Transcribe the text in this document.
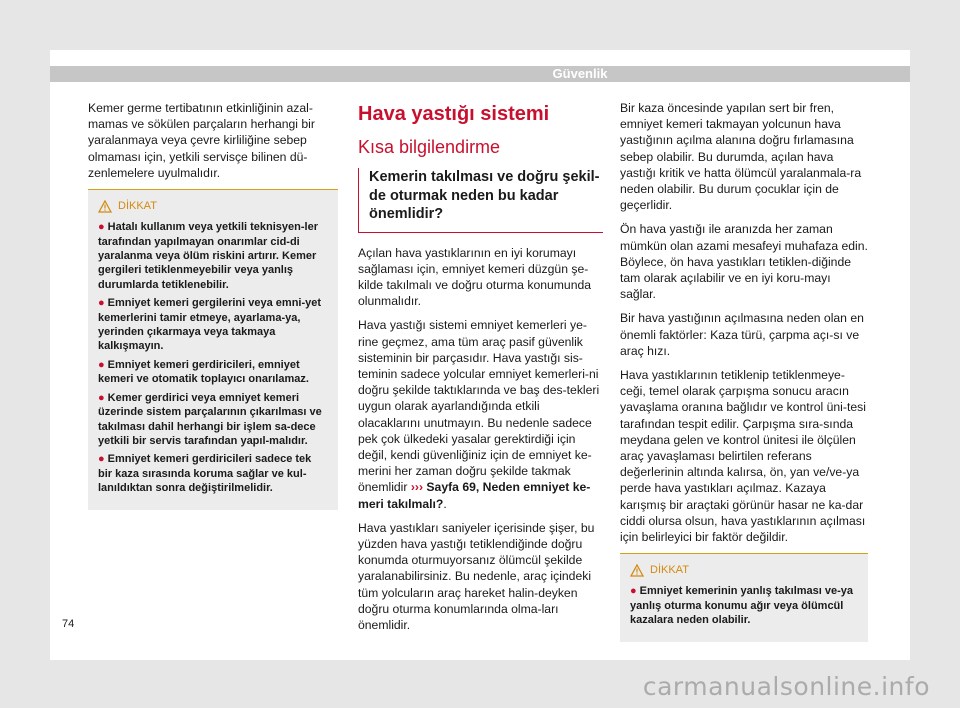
Güvenlik

Kemer germe tertibatının etkinliğinin azal-mamas ve sökülen parçaların herhangi bir yaralanmaya veya çevre kirliliğine sebep olmaması için, yetkili servisçe bilinen dü-zenlemelere uyulmalıdır.

DİKKAT
● Hatalı kullanım veya yetkili teknisyen-ler tarafından yapılmayan onarımlar cid-di yaralanma veya ölüm riskini artırır. Kemer gergileri tetiklenmeyebilir veya yanlış durumlarda tetiklenebilir.
● Emniyet kemeri gergilerini veya emni-yet kemerlerini tamir etmeye, ayarlama-ya, yerinden çıkarmaya veya takmaya kalkışmayın.
● Emniyet kemeri gerdiricileri, emniyet kemeri ve otomatik toplayıcı onarılamaz.
● Kemer gerdirici veya emniyet kemeri üzerinde sistem parçalarının çıkarılması ve takılması dahil herhangi bir işlem sa-dece yetkili bir servis tarafından yapıl-malıdır.
● Emniyet kemeri gerdiricileri sadece tek bir kaza sırasında koruma sağlar ve kul-lanıldıktan sonra değiştirilmelidir.
Hava yastığı sistemi
Kısa bilgilendirme
Kemerin takılması ve doğru şekil-de oturmak neden bu kadar önemlidir?

Açılan hava yastıklarının en iyi korumayı sağlaması için, emniyet kemeri düzgün şe-kilde takılmalı ve doğru oturma konumunda olunmalıdır.

Hava yastığı sistemi emniyet kemerleri ye-rine geçmez, ama tüm araç pasif güvenlik sisteminin bir parçasıdır. Hava yastığı sis-teminin sadece yolcular emniyet kemerleri-ni doğru şekilde taktıklarında ve baş des-tekleri uygun olarak ayarlandığında etkili olacaklarını unutmayın. Bu nedenle sadece pek çok ülkedeki yasalar gerektirdiği için değil, kendi güvenliğiniz için de emniyet ke-merini her zaman doğru şekilde takmak önemlidir ››› Sayfa 69, Neden emniyet ke-meri takılmalı?.

Hava yastıkları saniyeler içerisinde şişer, bu yüzden hava yastığı tetiklendiğinde doğru konumda oturmuyorsanız ölümcül şekilde yaralanabilirsiniz. Bu nedenle, araç içindeki tüm yolcuların araç hareket halin-deyken doğru oturma konumlarında olma-ları önemlidir.

Bir kaza öncesinde yapılan sert bir fren, emniyet kemeri takmayan yolcunun hava yastığının açılma alanına doğru fırlamasına sebep olabilir. Bu durumda, açılan hava yastığı kritik ve hatta ölümcül yaralanmala-ra neden olabilir. Bu durum çocuklar için de geçerlidir.

Ön hava yastığı ile aranızda her zaman mümkün olan azami mesafeyi muhafaza edin. Böylece, ön hava yastıkları tetiklen-diğinde tam olarak açılabilir ve en iyi koru-mayı sağlar.

Bir hava yastığının açılmasına neden olan en önemli faktörler: Kaza türü, çarpma açı-sı ve araç hızı.

Hava yastıklarının tetiklenip tetiklenmeye-ceği, temel olarak çarpışma sonucu aracın yavaşlama oranına bağlıdır ve kontrol üni-tesi tarafından tespit edilir. Çarpışma sıra-sında meydana gelen ve kontrol ünitesi ile ölçülen araç yavaşlaması belirtilen referans değerlerinin altında kalırsa, ön, yan ve/ve-ya perde hava yastıkları açılmaz. Kazaya karışmış bir araçtaki görünür hasar ne ka-dar ciddi olursa olsun, hava yastıklarının açılması için belirleyici bir faktör değildir.

DİKKAT
● Emniyet kemerinin yanlış takılması ve-ya yanlış oturma konumu ağır veya ölümcül kazalara neden olabilir.
74
carmanualsonline.info
